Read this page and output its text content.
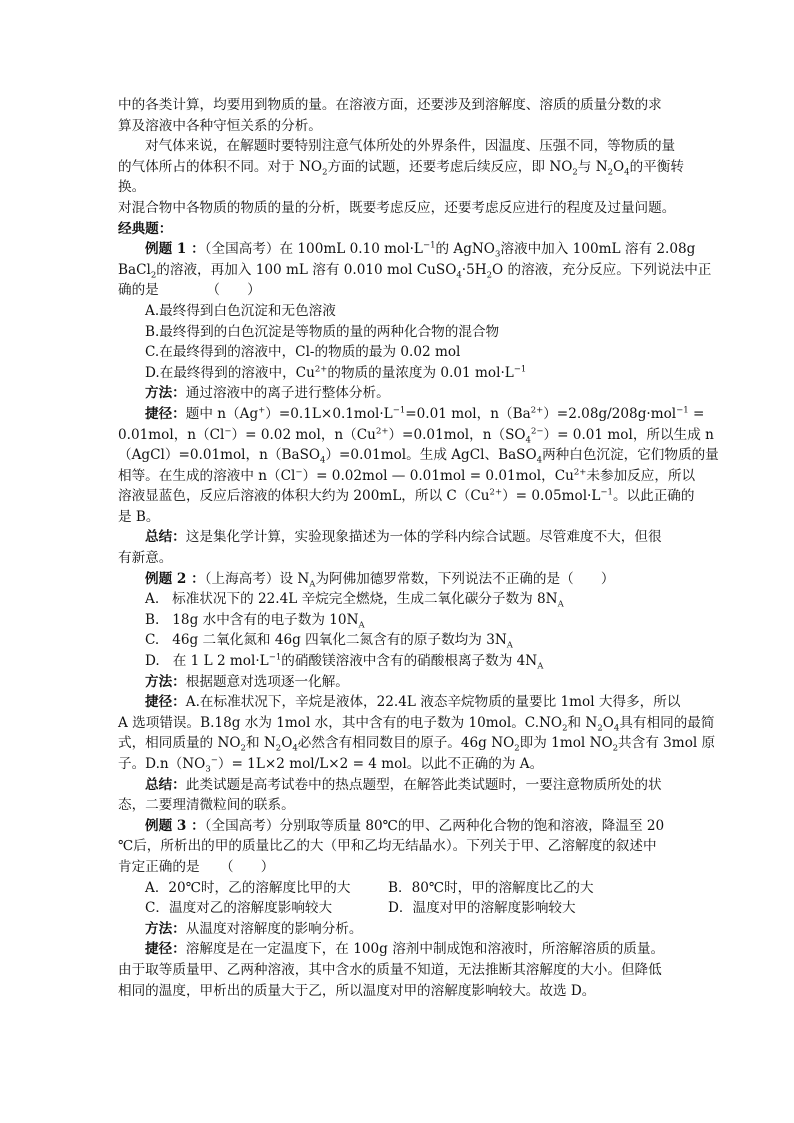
中的各类计算，均要用到物质的量。在溶液方面，还要涉及到溶解度、溶质的质量分数的求

算及溶液中各种守恒关系的分析。

对气体来说，在解题时要特别注意气体所处的外界条件，因温度、压强不同，等物质的量

的气体所占的体积不同。对于 $NO_2$方面的试题，还要考虑后续反应，即 $NO_2$与 $N_2O_4$的平衡转

换。

对混合物中各物质的物质的量的分析，既要考虑反应，还要考虑反应进行的程度及过量问题。

经典题：

例题 1 ：（全国高考）在 100mL 0.10 $mol\cdot L^{-1}$的 AgNO$_3$溶液中加入 100mL 溶有 2.08g

BaCl$_2$的溶液，再加入 100 mL 溶有 0.010 mol $CuSO_4\cdot 5H_2O$ 的溶液，充分反应。下列说法中正

确的是　　　　（　　）

A.最终得到白色沉淀和无色溶液

B.最终得到的白色沉淀是等物质的量的两种化合物的混合物

C.在最终得到的溶液中，Cl-的物质的最为 0.02 mol

D.在最终得到的溶液中，$Cu^{2+}$的物质的量浓度为 0.01 $mol\cdot L^{-1}$

方法：通过溶液中的离子进行整体分析。

捷径：题中 $n(Ag^+)=0.1L\times 0.1mol\cdot L^{-1}=0.01$ mol，$n(Ba^{2+})=2.08g/208g\cdot mol^{-1}$ =

0.01mol，n（Cl−）= 0.02 mol，$n(Cu^{2+})=0.01mol$，$n(SO_4^{2-})= 0.01$ mol，所以生成 n

（AgCl）=0.01mol，n（BaSO$_4$）=0.01mol。生成 AgCl、BaSO$_4$两种白色沉淀，它们物质的量

相等。在生成的溶液中 n（Cl−）= 0.02mol — 0.01mol = 0.01mol，$Cu^{2+}$未参加反应，所以

溶液显蓝色，反应后溶液的体积大约为 200mL，所以 $C(Cu^{2+})= 0.05mol\cdot L^{-1}$。以此正确的

是 B。

总结：这是集化学计算，实验现象描述为一体的学科内综合试题。尽管难度不大，但很

有新意。

例题 2 ：（上海高考）设 $N_A$为阿佛加德罗常数，下列说法不正确的是（　　）

A. 标准状况下的 22.4L 辛烷完全燃烧，生成二氧化碳分子数为 $8N_A$

B. 18g 水中含有的电子数为 $10N_A$

C. 46g 二氧化氮和 46g 四氧化二氮含有的原子数均为 $3N_A$

D. 在 1 L 2 $mol\cdot L^{-1}$的硝酸镁溶液中含有的硝酸根离子数为 $4N_A$

方法：根据题意对选项逐一化解。

捷径：A.在标准状况下，辛烷是液体，22.4L 液态辛烷物质的量要比 1mol 大得多，所以

A 选项错误。B.18g 水为 1mol 水，其中含有的电子数为 10mol。$C.NO_2$和 $N_2O_4$具有相同的最简

式，相同质量的 $NO_2$和 $N_2O_4$必然含有相同数目的原子。46g $NO_2$即为 1mol $NO_2$共含有 3mol 原

子。$D.n(NO_3^-)= 1L\times 2$ mol/L×2 = 4 mol。以此不正确的为 A。

总结：此类试题是高考试卷中的热点题型，在解答此类试题时，一要注意物质所处的状

态，二要理清微粒间的联系。

例题 3 ：（全国高考）分别取等质量 80℃的甲、乙两种化合物的饱和溶液，降温至 20

℃后，所析出的甲的质量比乙的大（甲和乙均无结晶水）。下列关于甲、乙溶解度的叙述中

肯定正确的是　　（　　）

A．20℃时，乙的溶解度比甲的大	B．80℃时，甲的溶解度比乙的大
C．温度对乙的溶解度影响较大	D．温度对甲的溶解度影响较大

方法：从温度对溶解度的影响分析。

捷径：溶解度是在一定温度下，在 100g 溶剂中制成饱和溶液时，所溶解溶质的质量。

由于取等质量甲、乙两种溶液，其中含水的质量不知道，无法推断其溶解度的大小。但降低

相同的温度，甲析出的质量大于乙，所以温度对甲的溶解度影响较大。故选 D。
